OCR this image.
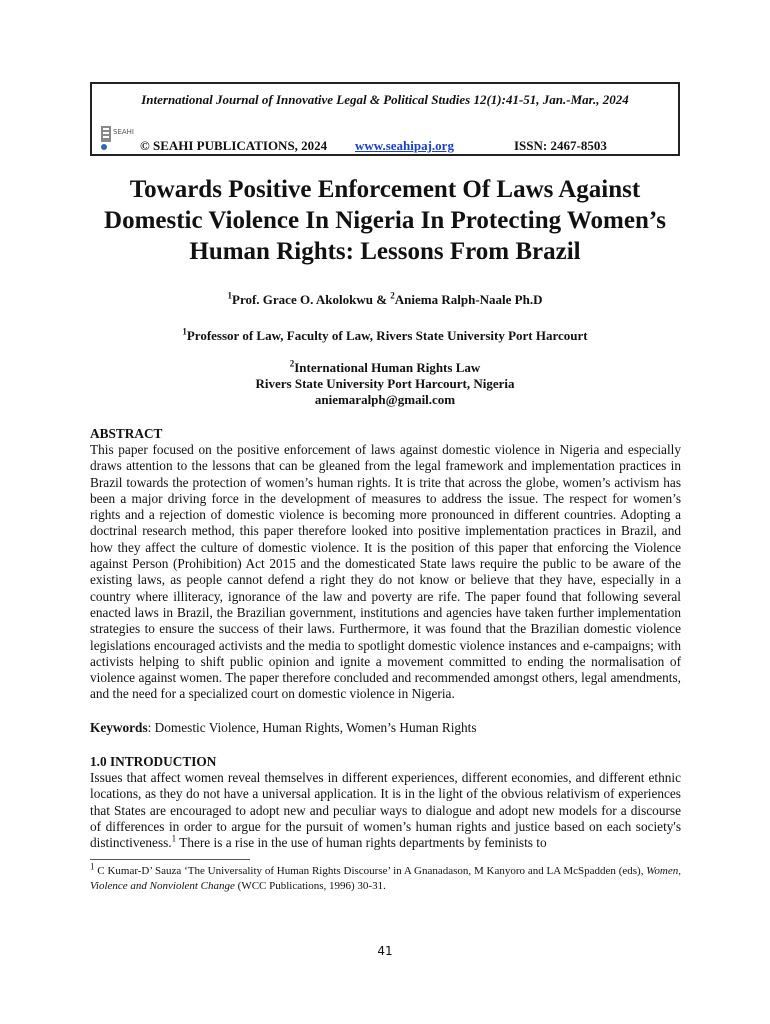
International Journal of Innovative Legal & Political Studies 12(1):41-51, Jan.-Mar., 2024
SEAHI
© SEAHI PUBLICATIONS, 2024 www.seahipaj.org	ISSN: 2467-8503
Towards Positive Enforcement Of Laws Against
Domestic Violence In Nigeria In Protecting Women’s
Human Rights: Lessons From Brazil
$^1$Prof. Grace O. Akolokwu & $^2$Aniema Ralph-Naale Ph.D
$^1$Professor of Law, Faculty of Law, Rivers State University Port Harcourt
$^2$International Human Rights Law
Rivers State University Port Harcourt, Nigeria
aniemaralph@gmail.com
ABSTRACT
This paper focused on the positive enforcement of laws against domestic violence in Nigeria and especially draws attention to the lessons that can be gleaned from the legal framework and implementation practices in Brazil towards the protection of women’s human rights. It is trite that across the globe, women’s activism has been a major driving force in the development of measures to address the issue. The respect for women’s rights and a rejection of domestic violence is becoming more pronounced in different countries. Adopting a doctrinal research method, this paper therefore looked into positive implementation practices in Brazil, and how they affect the culture of domestic violence. It is the position of this paper that enforcing the Violence against Person (Prohibition) Act 2015 and the domesticated State laws require the public to be aware of the existing laws, as people cannot defend a right they do not know or believe that they have, especially in a country where illiteracy, ignorance of the law and poverty are rife. The paper found that following several enacted laws in Brazil, the Brazilian government, institutions and agencies have taken further implementation strategies to ensure the success of their laws. Furthermore, it was found that the Brazilian domestic violence legislations encouraged activists and the media to spotlight domestic violence instances and e-campaigns; with activists helping to shift public opinion and ignite a movement committed to ending the normalisation of violence against women. The paper therefore concluded and recommended amongst others, legal amendments, and the need for a specialized court on domestic violence in Nigeria.
Keywords: Domestic Violence, Human Rights, Women’s Human Rights
1.0 INTRODUCTION
Issues that affect women reveal themselves in different experiences, different economies, and different ethnic locations, as they do not have a universal application. It is in the light of the obvious relativism of experiences that States are encouraged to adopt new and peculiar ways to dialogue and adopt new models for a discourse of differences in order to argue for the pursuit of women’s human rights and justice based on each society's distinctiveness.$^1$ There is a rise in the use of human rights departments by feminists to
$^1$ C Kumar-D’ Sauza ‘The Universality of Human Rights Discourse’ in A Gnanadason, M Kanyoro and LA McSpadden (eds), Women, Violence and Nonviolent Change (WCC Publications, 1996) 30-31.
41
